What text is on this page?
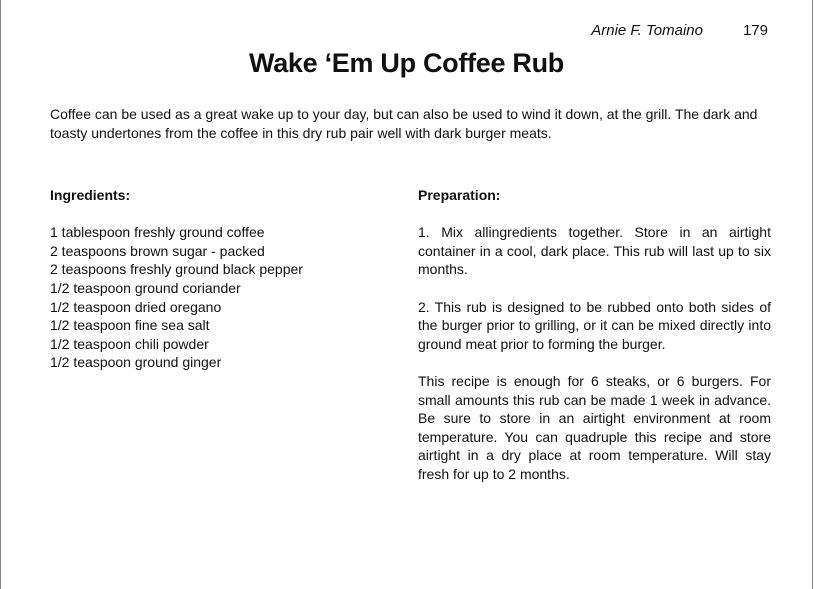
Arnie F. Tomaino	179
Wake ‘Em Up Coffee Rub

Coffee can be used as a great wake up to your day, but can also be used to wind it down, at the grill. The dark and toasty undertones from the coffee in this dry rub pair well with dark burger meats.

Ingredients:
1 tablespoon freshly ground coffee
2 teaspoons brown sugar - packed
2 teaspoons freshly ground black pepper
1/2 teaspoon ground coriander
1/2 teaspoon dried oregano
1/2 teaspoon fine sea salt
1/2 teaspoon chili powder
1/2 teaspoon ground ginger
Preparation:

1. Mix allingredients together. Store in an airtight container in a cool, dark place. This rub will last up to six months.

2. This rub is designed to be rubbed onto both sides of the burger prior to grilling, or it can be mixed directly into ground meat prior to forming the burger.

This recipe is enough for 6 steaks, or 6 burgers. For small amounts this rub can be made 1 week in advance. Be sure to store in an airtight environment at room temperature. You can quadruple this recipe and store airtight in a dry place at room temperature. Will stay fresh for up to 2 months.
